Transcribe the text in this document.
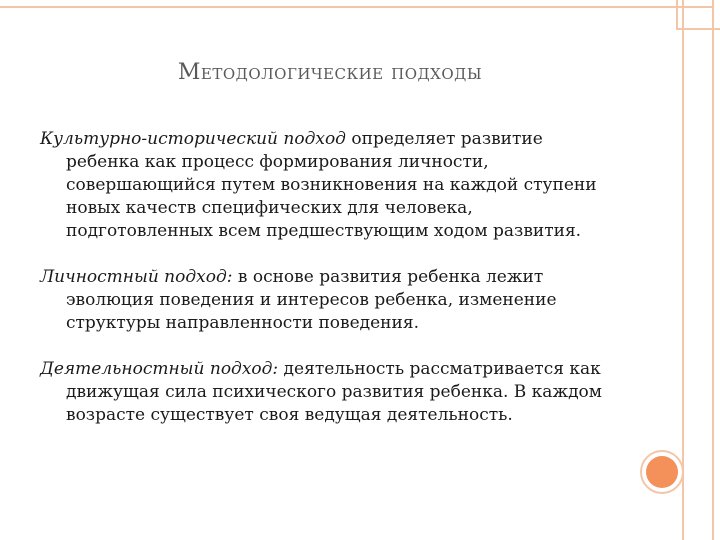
Методологические подходы

Культурно-исторический подход определяет развитие ребенка как процесс формирования личности, совершающийся путем возникновения на каждой ступени новых качеств специфических для человека, подготовленных всем предшествующим ходом развития.

Личностный подход: в основе развития ребенка лежит эволюция поведения и интересов ребенка, изменение структуры направленности поведения.

Деятельностный подход: деятельность рассматривается как движущая сила психического развития ребенка. В каждом возрасте существует своя ведущая деятельность.
